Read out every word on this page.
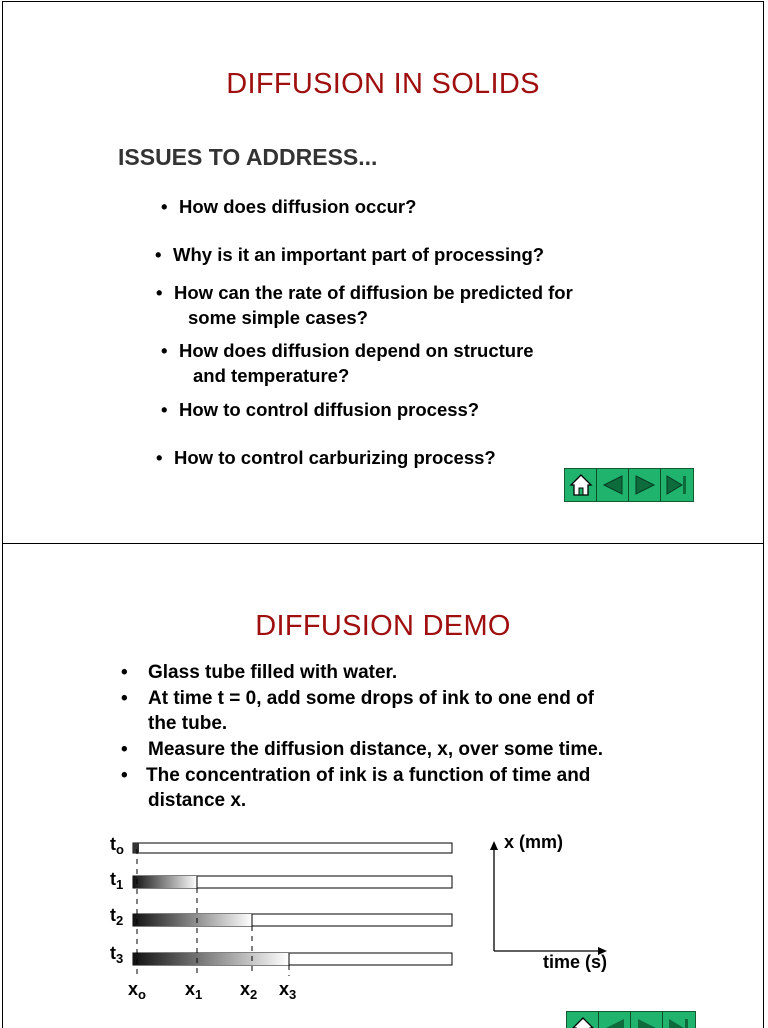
DIFFUSION IN SOLIDS
ISSUES TO ADDRESS...
• How does diffusion occur?
• Why is it an important part of processing?
• How can the rate of diffusion be predicted for
some simple cases?
• How does diffusion depend on structure
and temperature?
• How to control diffusion process?
• How to control carburizing process?
DIFFUSION DEMO
• Glass tube filled with water.
• At time t = 0, add some drops of ink to one end of
the tube.
• Measure the diffusion distance, x, over some time.
• The concentration of ink is a function of time and
distance x.
$t_o$
$t_1$
$t_2$
$t_3$
$x_o$ $x_1$ $x_2$ $x_3$
x (mm)
time (s)
